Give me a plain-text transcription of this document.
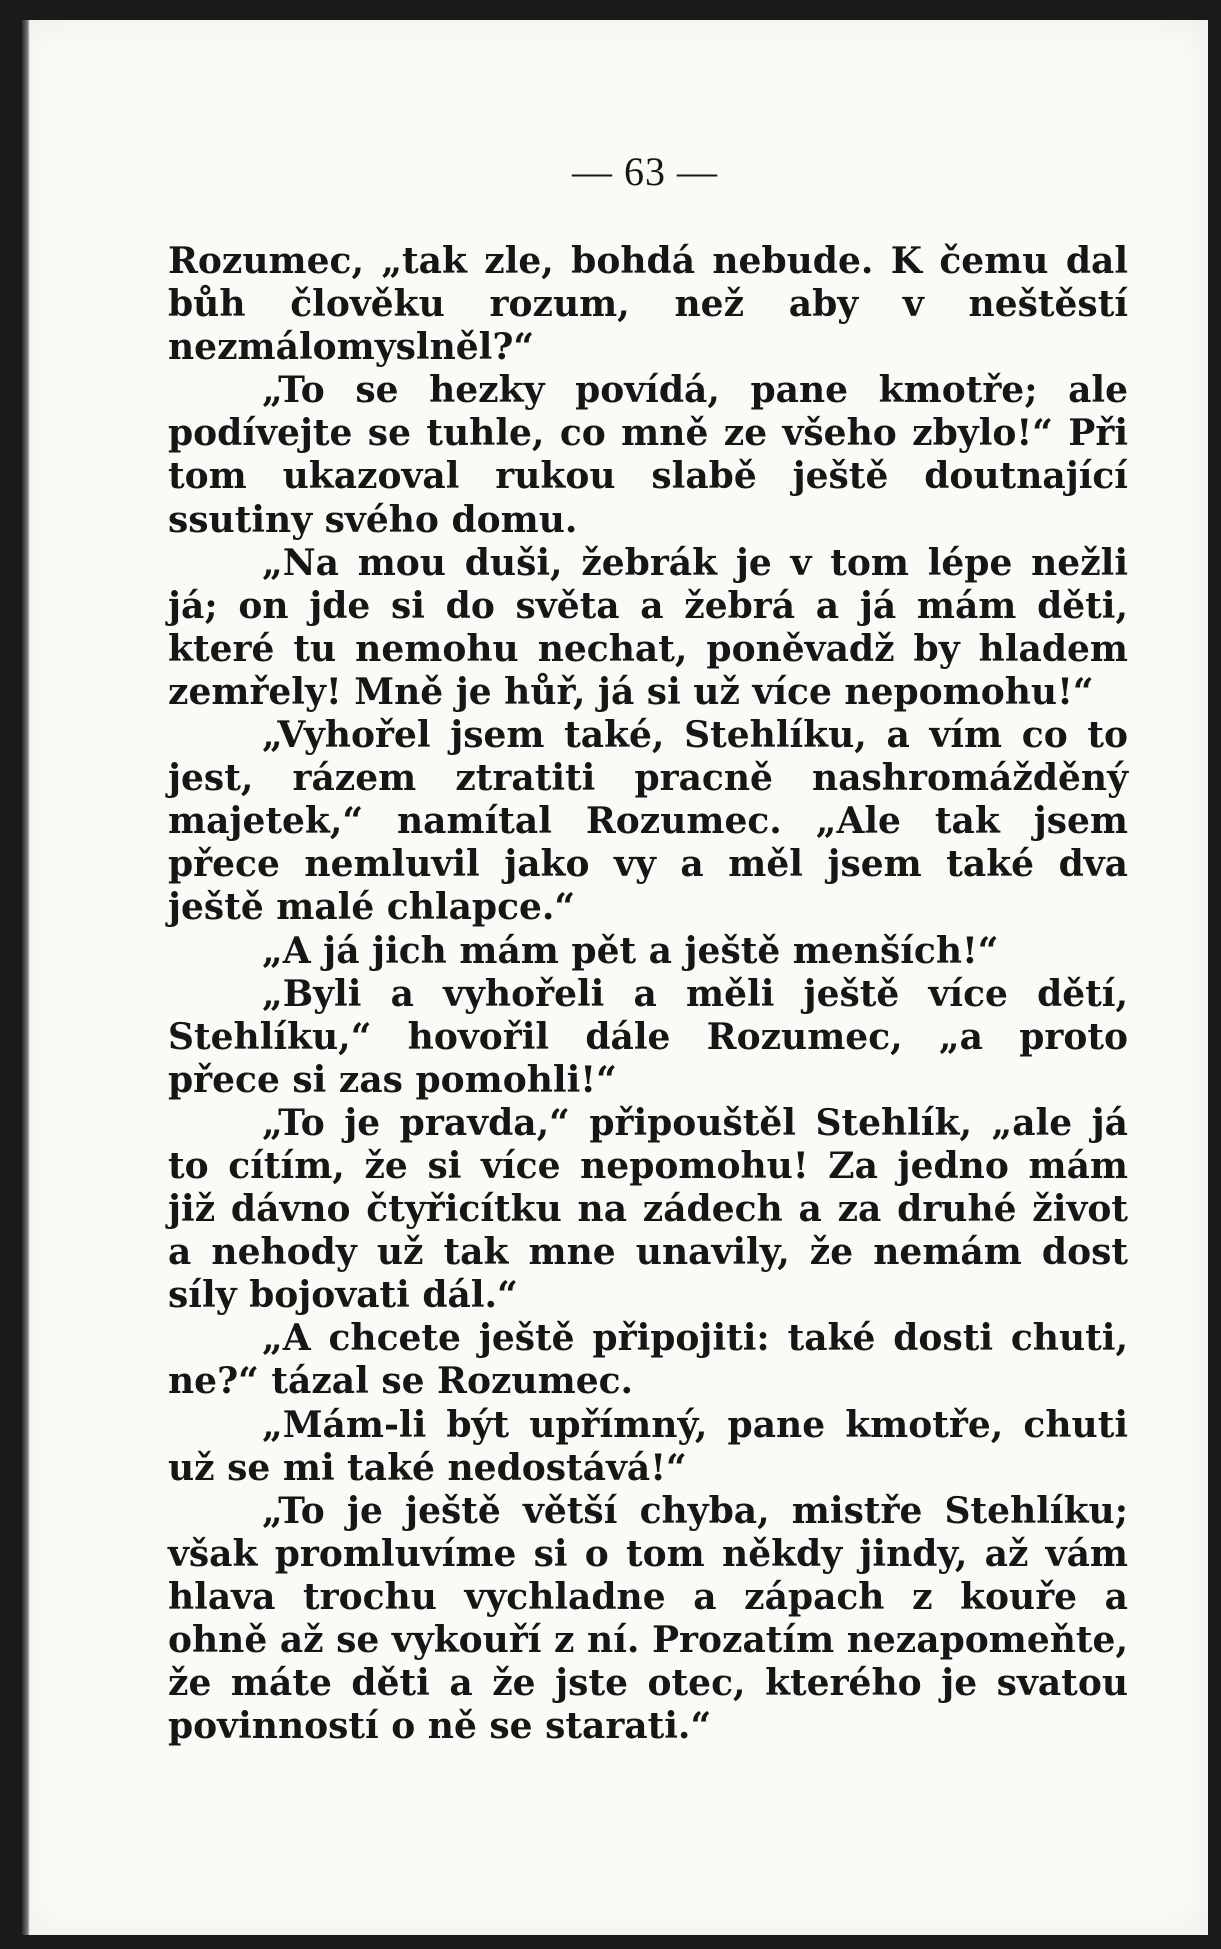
— 63 —

Rozumec, „tak zle, bohdá nebude. K čemu dal bůh člověku rozum, než aby v neštěstí nezmálomyslněl?“

„To se hezky povídá, pane kmotře; ale podívejte se tuhle, co mně ze všeho zbylo!“ Při tom ukazoval rukou slabě ještě doutnající ssutiny svého domu.

„Na mou duši, žebrák je v tom lépe nežli já; on jde si do světa a žebrá a já mám děti, které tu nemohu nechat, poněvadž by hladem zemřely! Mně je hůř, já si už více nepomohu!“

„Vyhořel jsem také, Stehlíku, a vím co to jest, rázem ztratiti pracně nashromážděný majetek,“ namítal Rozumec. „Ale tak jsem přece nemluvil jako vy a měl jsem také dva ještě malé chlapce.“

„A já jich mám pět a ještě menších!“

„Byli a vyhořeli a měli ještě více dětí, Stehlíku,“ hovořil dále Rozumec, „a proto přece si zas pomohli!“

„To je pravda,“ připouštěl Stehlík, „ale já to cítím, že si více nepomohu! Za jedno mám již dávno čtyřicítku na zádech a za druhé život a nehody už tak mne unavily, že nemám dost síly bojovati dál.“

„A chcete ještě připojiti: také dosti chuti, ne?“ tázal se Rozumec.

„Mám-li být upřímný, pane kmotře, chuti už se mi také nedostává!“

„To je ještě větší chyba, mistře Stehlíku; však promluvíme si o tom někdy jindy, až vám hlava trochu vychladne a zápach z kouře a ohně až se vykouří z ní. Prozatím nezapomeňte, že máte děti a že jste otec, kterého je svatou povinností o ně se starati.“
